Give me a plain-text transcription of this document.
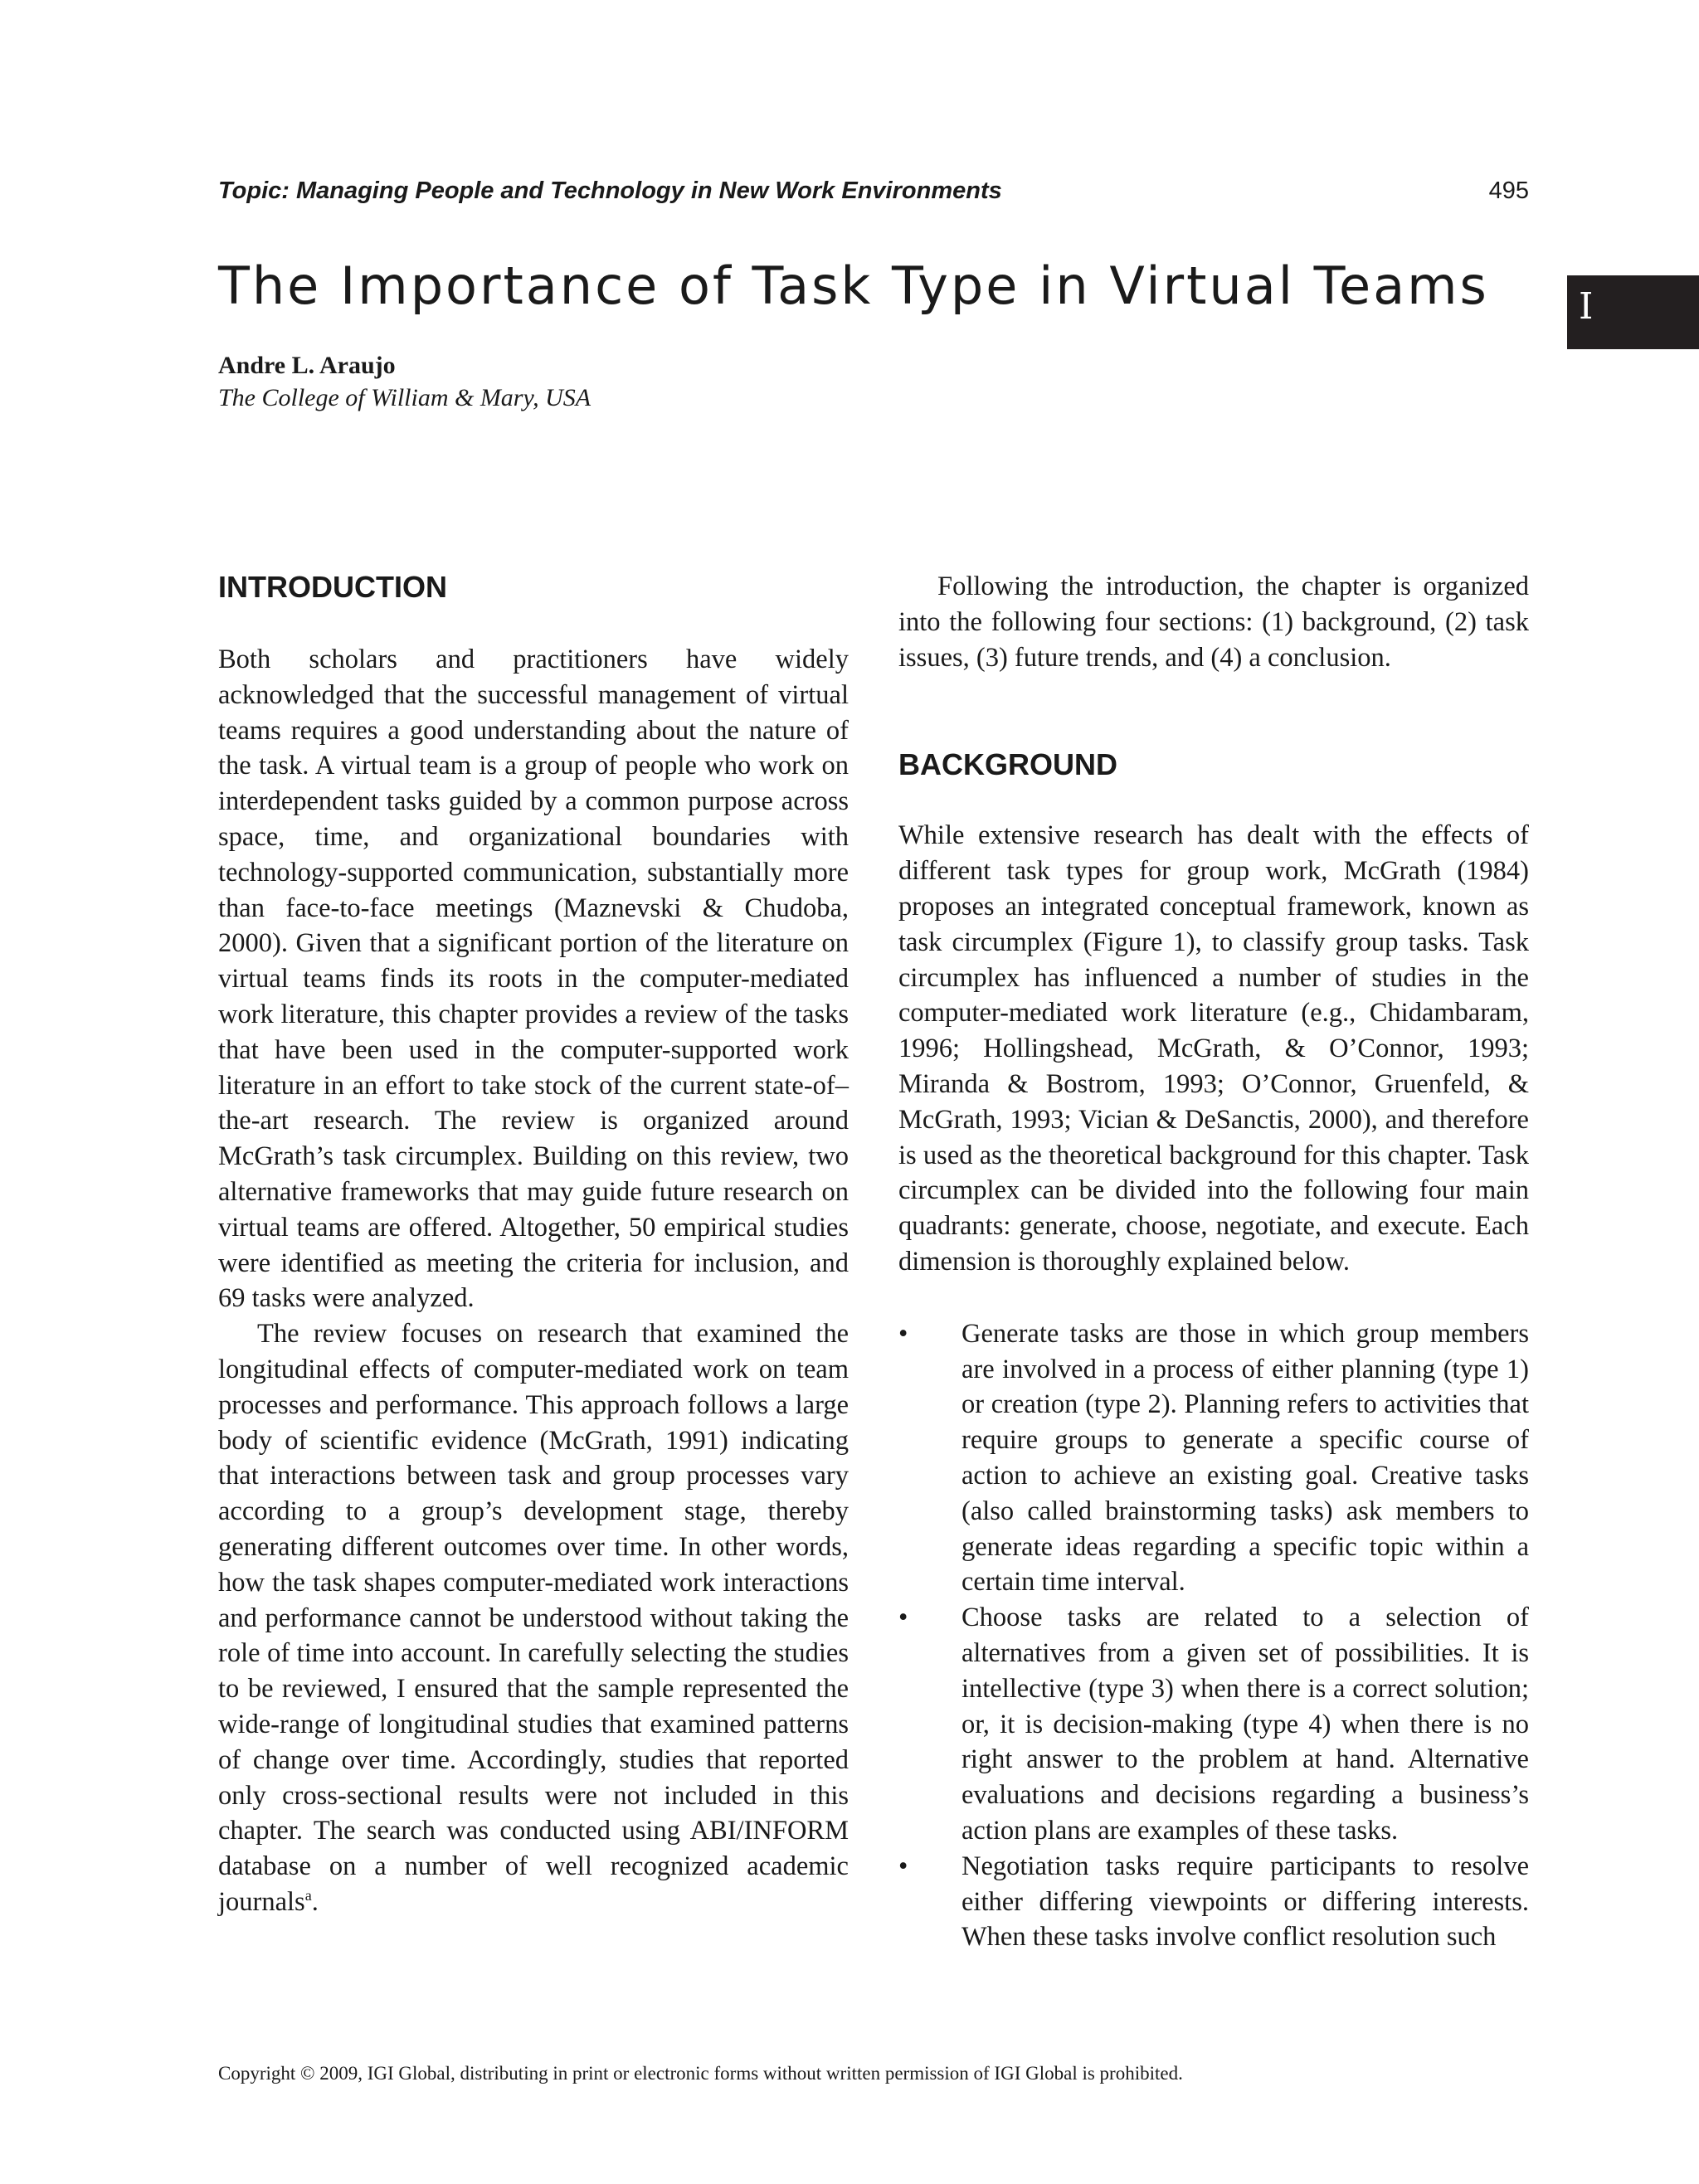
Topic: Managing People and Technology in New Work Environments	495
The Importance of Task Type in Virtual Teams I
Andre L. Araujo
The College of William & Mary, USA
INTRODUCTION

Both scholars and practitioners have widely acknowledged that the successful management of virtual teams requires a good understanding about the nature of the task. A virtual team is a group of people who work on interdependent tasks guided by a common purpose across space, time, and organizational boundaries with technology-supported communication, substantially more than face-to-face meetings (Maznevski & Chudoba, 2000). Given that a significant portion of the literature on virtual teams finds its roots in the computer-mediated work literature, this chapter provides a review of the tasks that have been used in the computer-supported work literature in an effort to take stock of the current state-of–the-art research. The review is organized around McGrath’s task circumplex. Building on this review, two alternative frameworks that may guide future research on virtual teams are offered. Altogether, 50 empirical studies were identified as meeting the criteria for inclusion, and 69 tasks were analyzed.

The review focuses on research that examined the longitudinal effects of computer-mediated work on team processes and performance. This approach follows a large body of scientific evidence (McGrath, 1991) indicating that interactions between task and group processes vary according to a group’s development stage, thereby generating different outcomes over time. In other words, how the task shapes computer-mediated work interactions and performance cannot be understood without taking the role of time into account. In carefully selecting the studies to be reviewed, I ensured that the sample represented the wide-range of longitudinal studies that examined patterns of change over time. Accordingly, studies that reported only cross-sectional results were not included in this chapter. The search was conducted using ABI/INFORM database on a number of well recognized academic journals$^a$.

Following the introduction, the chapter is organized into the following four sections: (1) background, (2) task issues, (3) future trends, and (4) a conclusion.

BACKGROUND

While extensive research has dealt with the effects of different task types for group work, McGrath (1984) proposes an integrated conceptual framework, known as task circumplex (Figure 1), to classify group tasks. Task circumplex has influenced a number of studies in the computer-mediated work literature (e.g., Chidambaram, 1996; Hollingshead, McGrath, & O’Connor, 1993; Miranda & Bostrom, 1993; O’Connor, Gruenfeld, & McGrath, 1993; Vician & DeSanctis, 2000), and therefore is used as the theoretical background for this chapter. Task circumplex can be divided into the following four main quadrants: generate, choose, negotiate, and execute. Each dimension is thoroughly explained below.

• Generate tasks are those in which group members are involved in a process of either planning (type 1) or creation (type 2). Planning refers to activities that require groups to generate a specific course of action to achieve an existing goal. Creative tasks (also called brainstorming tasks) ask members to generate ideas regarding a specific topic within a certain time interval.
• Choose tasks are related to a selection of alternatives from a given set of possibilities. It is intellective (type 3) when there is a correct solution; or, it is decision-making (type 4) when there is no right answer to the problem at hand. Alternative evaluations and decisions regarding a business’s action plans are examples of these tasks.
• Negotiation tasks require participants to resolve either differing viewpoints or differing interests. When these tasks involve conflict resolution such
Copyright © 2009, IGI Global, distributing in print or electronic forms without written permission of IGI Global is prohibited.
